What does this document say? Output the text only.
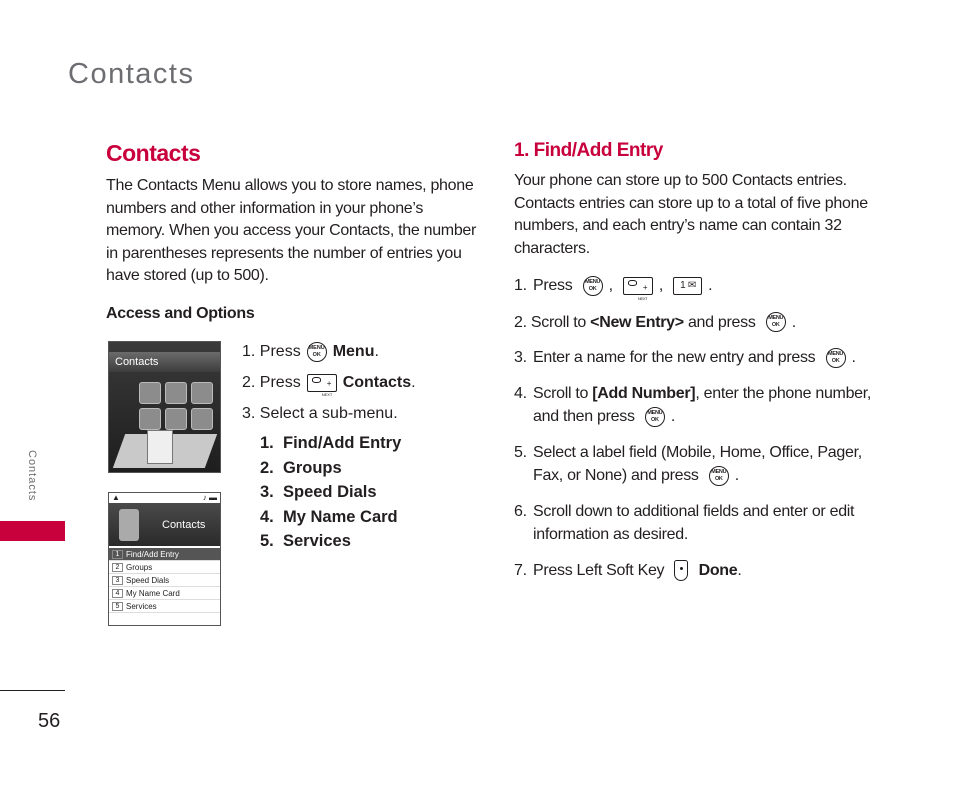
Contacts
Contacts
56
Contacts
The Contacts Menu allows you to store names, phone numbers and other information in your phone’s memory. When you access your Contacts, the number in parentheses represents the number of entries you have stored (up to 500).
Access and Options
Contacts
▲	♪ ▬
Contacts
1 Find/Add Entry
2 Groups
3 Speed Dials
4 My Name Card
5 Services
1. Press	MENU OK Menu .
2. Press	+
NEXT
Contacts .
3. Select a sub-menu.
1. Find/Add Entry
2. Groups
3. Speed Dials
4. My Name Card
5. Services
1. Find/Add Entry
Your phone can store up to 500 Contacts entries. Contacts entries can store up to a total of five phone numbers, and each entry’s name can contain 32 characters.
1. Press MENU OK ,	+
NEXT
, 1 ✉ .
2. Scroll to <New Entry> and press MENU OK .
3. Enter a name for the new entry and press MENU OK .
4. Scroll to [Add Number], enter the phone number, and then press MENU OK .
5. Select a label field (Mobile, Home, Office, Pager, Fax, or None) and press MENU OK .
6. Scroll down to additional fields and enter or edit information as desired.
7. Press Left Soft Key Done.
